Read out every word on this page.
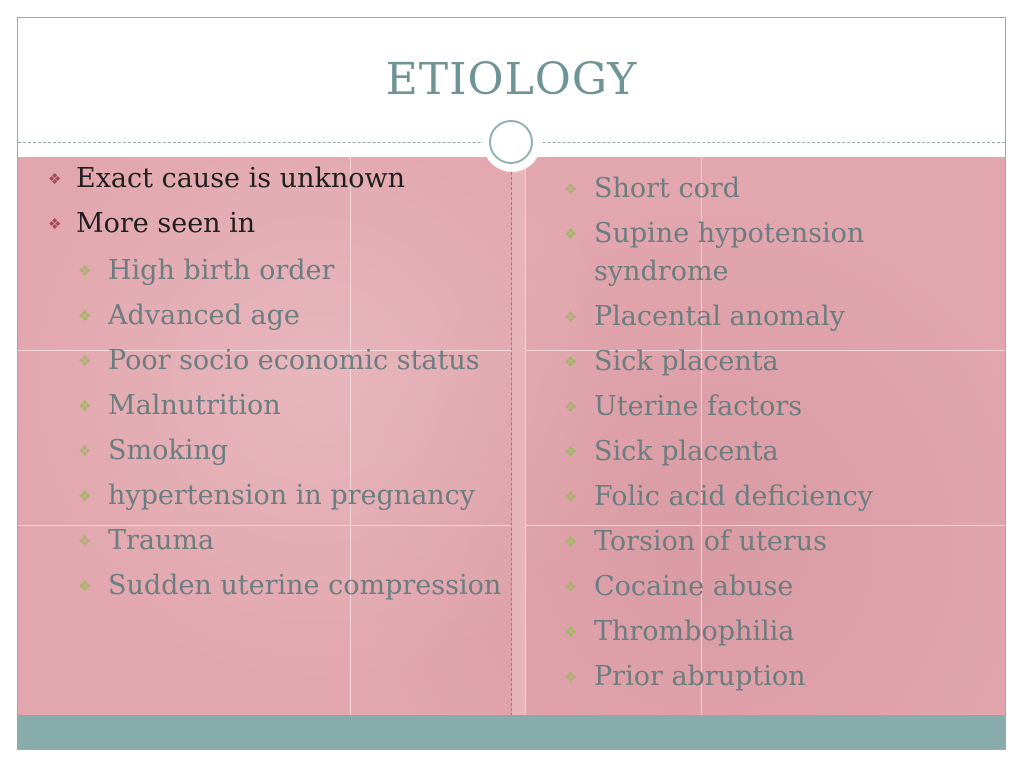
ETIOLOGY
❖ Exact cause is unknown
❖ More seen in
❖ High birth order
❖ Advanced age
❖ Poor socio economic status
❖ Malnutrition
❖ Smoking
❖ hypertension in pregnancy
❖ Trauma
❖ Sudden uterine compression
❖ Short cord
❖ Supine hypotension syndrome
❖ Placental anomaly
❖ Sick placenta
❖ Uterine factors
❖ Sick placenta
❖ Folic acid deficiency
❖ Torsion of uterus
❖ Cocaine abuse
❖ Thrombophilia
❖ Prior abruption
